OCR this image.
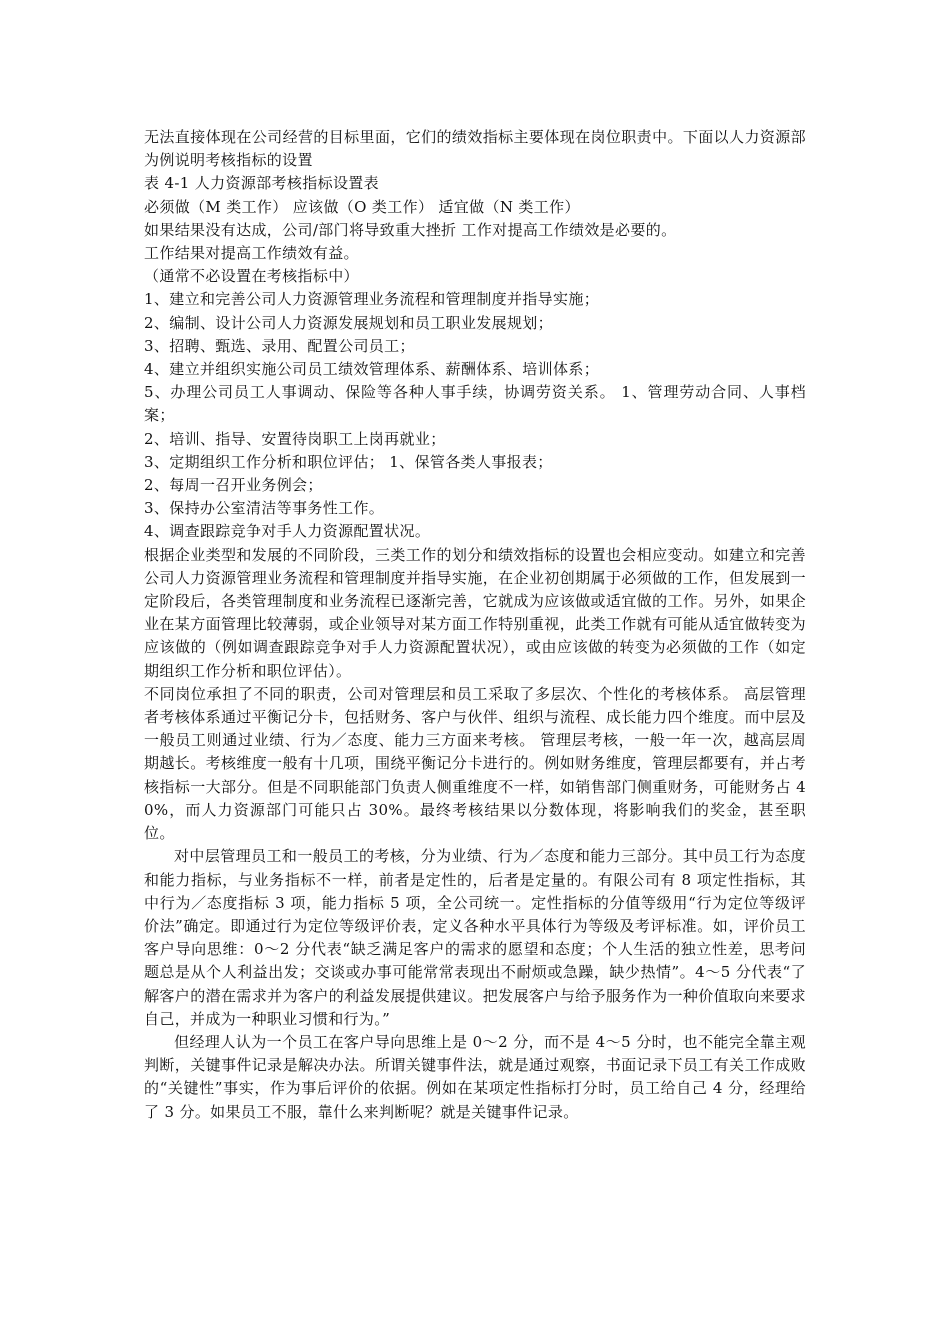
无法直接体现在公司经营的目标里面，它们的绩效指标主要体现在岗位职责中。下面以人力资源部为例说明考核指标的设置

表 4-1 人力资源部考核指标设置表

必须做（M 类工作） 应该做（O 类工作） 适宜做（N 类工作）

如果结果没有达成，公司/部门将导致重大挫折 工作对提高工作绩效是必要的。

工作结果对提高工作绩效有益。

（通常不必设置在考核指标中）

1、建立和完善公司人力资源管理业务流程和管理制度并指导实施；

2、编制、设计公司人力资源发展规划和员工职业发展规划；

3、招聘、甄选、录用、配置公司员工；

4、建立并组织实施公司员工绩效管理体系、薪酬体系、培训体系；

5、办理公司员工人事调动、保险等各种人事手续，协调劳资关系。 1、管理劳动合同、人事档案；

2、培训、指导、安置待岗职工上岗再就业；

3、定期组织工作分析和职位评估； 1、保管各类人事报表；

2、每周一召开业务例会；

3、保持办公室清洁等事务性工作。

4、调查跟踪竞争对手人力资源配置状况。

根据企业类型和发展的不同阶段，三类工作的划分和绩效指标的设置也会相应变动。如建立和完善公司人力资源管理业务流程和管理制度并指导实施，在企业初创期属于必须做的工作，但发展到一定阶段后，各类管理制度和业务流程已逐渐完善，它就成为应该做或适宜做的工作。另外，如果企业在某方面管理比较薄弱，或企业领导对某方面工作特别重视，此类工作就有可能从适宜做转变为应该做的（例如调查跟踪竞争对手人力资源配置状况），或由应该做的转变为必须做的工作（如定期组织工作分析和职位评估）。

不同岗位承担了不同的职责，公司对管理层和员工采取了多层次、个性化的考核体系。 高层管理者考核体系通过平衡记分卡，包括财务、客户与伙伴、组织与流程、成长能力四个维度。而中层及一般员工则通过业绩、行为／态度、能力三方面来考核。 管理层考核，一般一年一次，越高层周期越长。考核维度一般有十几项，围绕平衡记分卡进行的。例如财务维度，管理层都要有，并占考核指标一大部分。但是不同职能部门负责人侧重维度不一样，如销售部门侧重财务，可能财务占 40%，而人力资源部门可能只占 30%。最终考核结果以分数体现，将影响我们的奖金，甚至职位。

对中层管理员工和一般员工的考核，分为业绩、行为／态度和能力三部分。其中员工行为态度和能力指标，与业务指标不一样，前者是定性的，后者是定量的。有限公司有 8 项定性指标，其中行为／态度指标 3 项，能力指标 5 项，全公司统一。定性指标的分值等级用“行为定位等级评价法”确定。即通过行为定位等级评价表，定义各种水平具体行为等级及考评标准。如，评价员工客户导向思维：0～2 分代表“缺乏满足客户的需求的愿望和态度；个人生活的独立性差，思考问题总是从个人利益出发；交谈或办事可能常常表现出不耐烦或急躁，缺少热情”。4～5 分代表“了解客户的潜在需求并为客户的利益发展提供建议。把发展客户与给予服务作为一种价值取向来要求自己，并成为一种职业习惯和行为。”

但经理人认为一个员工在客户导向思维上是 0～2 分，而不是 4～5 分时，也不能完全靠主观判断，关键事件记录是解决办法。所谓关键事件法，就是通过观察，书面记录下员工有关工作成败的“关键性”事实，作为事后评价的依据。例如在某项定性指标打分时，员工给自己 4 分，经理给了 3 分。如果员工不服，靠什么来判断呢？就是关键事件记录。
